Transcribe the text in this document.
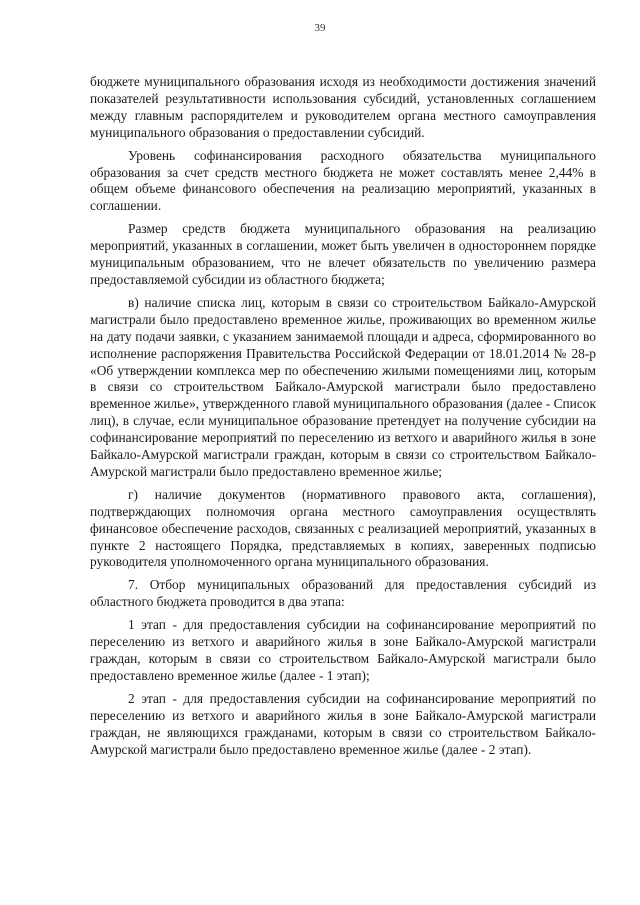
39

бюджете муниципального образования исходя из необходимости достижения значений показателей результативности использования субсидий, установленных соглашением между главным распорядителем и руководителем органа местного самоуправления муниципального образования о предоставлении субсидий.

Уровень софинансирования расходного обязательства муниципального образования за счет средств местного бюджета не может составлять менее 2,44% в общем объеме финансового обеспечения на реализацию мероприятий, указанных в соглашении.

Размер средств бюджета муниципального образования на реализацию мероприятий, указанных в соглашении, может быть увеличен в одностороннем порядке муниципальным образованием, что не влечет обязательств по увеличению размера предоставляемой субсидии из областного бюджета;

в) наличие списка лиц, которым в связи со строительством Байкало-Амурской магистрали было предоставлено временное жилье, проживающих во временном жилье на дату подачи заявки, с указанием занимаемой площади и адреса, сформированного во исполнение распоряжения Правительства Российской Федерации от 18.01.2014 № 28-р «Об утверждении комплекса мер по обеспечению жилыми помещениями лиц, которым в связи со строительством Байкало-Амурской магистрали было предоставлено временное жилье», утвержденного главой муниципального образования (далее - Список лиц), в случае, если муниципальное образование претендует на получение субсидии на софинансирование мероприятий по переселению из ветхого и аварийного жилья в зоне Байкало-Амурской магистрали граждан, которым в связи со строительством Байкало-Амурской магистрали было предоставлено временное жилье;

г) наличие документов (нормативного правового акта, соглашения), подтверждающих полномочия органа местного самоуправления осуществлять финансовое обеспечение расходов, связанных с реализацией мероприятий, указанных в пункте 2 настоящего Порядка, представляемых в копиях, заверенных подписью руководителя уполномоченного органа муниципального образования.

7. Отбор муниципальных образований для предоставления субсидий из областного бюджета проводится в два этапа:

1 этап - для предоставления субсидии на софинансирование мероприятий по переселению из ветхого и аварийного жилья в зоне Байкало-Амурской магистрали граждан, которым в связи со строительством Байкало-Амурской магистрали было предоставлено временное жилье (далее - 1 этап);

2 этап - для предоставления субсидии на софинансирование мероприятий по переселению из ветхого и аварийного жилья в зоне Байкало-Амурской магистрали граждан, не являющихся гражданами, которым в связи со строительством Байкало-Амурской магистрали было предоставлено временное жилье (далее - 2 этап).
